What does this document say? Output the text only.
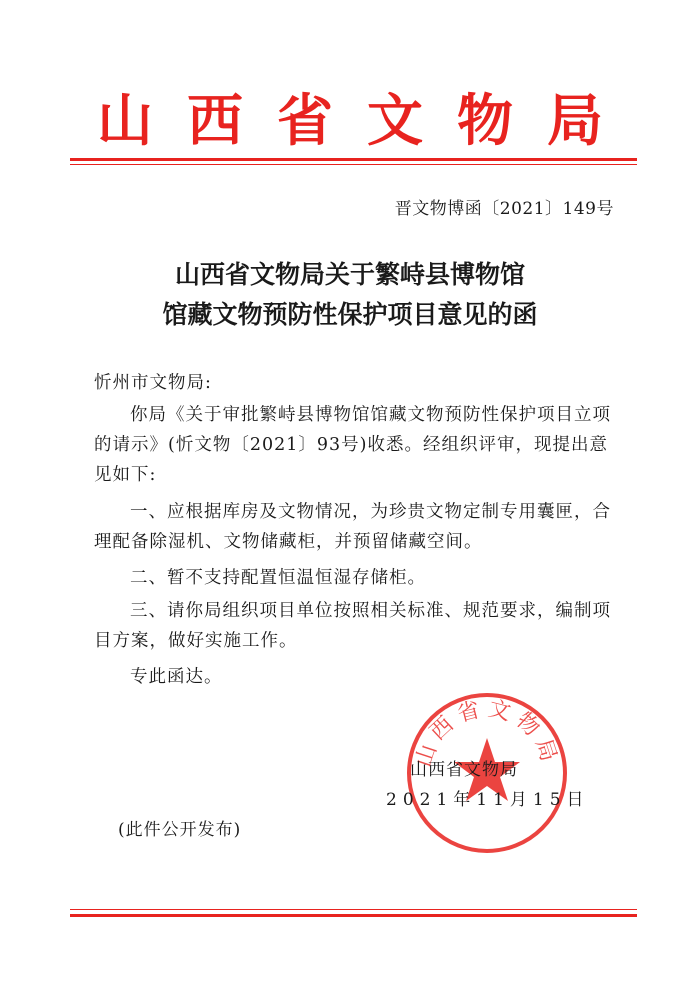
山西省文物局
晋文物博函〔2021〕149号
山西省文物局关于繁峙县博物馆
馆藏文物预防性保护项目意见的函
忻州市文物局:
你局《关于审批繁峙县博物馆馆藏文物预防性保护项目立项的请示》(忻文物〔2021〕93号)收悉。经组织评审，现提出意见如下:
一、应根据库房及文物情况，为珍贵文物定制专用囊匣，合理配备除湿机、文物储藏柜，并预留储藏空间。
二、暂不支持配置恒温恒湿存储柜。
三、请你局组织项目单位按照相关标准、规范要求，编制项目方案，做好实施工作。
专此函达。
山西省文物局
山西省文物局
2021年11月15日
(此件公开发布)
